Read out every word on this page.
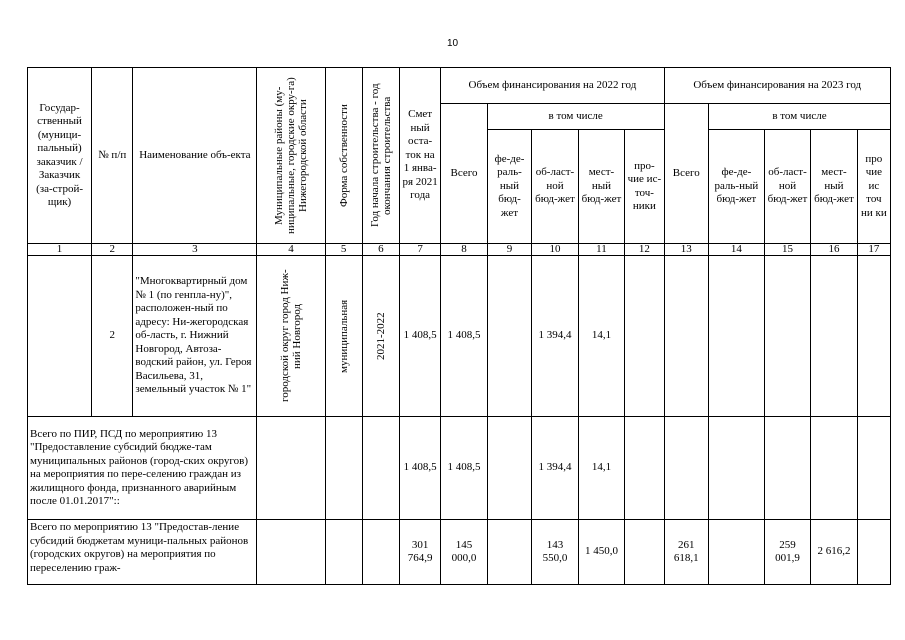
10
Государ-ственный (муници-пальный) заказчик / Заказчик (за-строй-щик)	№ п/п	Наименование объ-екта	Муниципальные районы (му-ниципальные, городские окру-га) Нижегородской области	Форма собственности	Год начала строительства - год окончания строительства	Смет ный оста-ток на 1 янва-ря 2021 года	Объем финансирования на 2022 год					Объем финансирования на 2023 год				
							Всего	в том числе				Всего	в том числе			
								фе-де-раль-ный бюд-жет	об-ласт-ной бюд-жет	мест-ный бюд-жет	про-чие ис-точ-ники		фе-де-раль-ный бюд-жет	об-ласт-ной бюд-жет	мест-ный бюд-жет	про чие ис точ ни ки
1	2	3	4	5	6	7	8	9	10	11	12	13	14	15	16	17
	2	"Многоквартирный дом № 1 (по генпла-ну)", расположен-ный по адресу: Ни-жегородская об-ласть, г. Нижний Новгород, Автоза-водский район, ул. Героя Васильева, 31, земельный участок № 1"	городской округ город Ниж-ний Новгород	муниципальная	2021-2022	1 408,5	1 408,5		1 394,4	14,1						
Всего по ПИР, ПСД по мероприятию 13 "Предоставление субсидий бюдже-там муниципальных районов (город-ских округов) на мероприятия по пере-селению граждан из жилищного фонда, признанного аварийным после 01.01.2017"::						1 408,5	1 408,5		1 394,4	14,1						
Всего по мероприятию 13 "Предостав-ление субсидий бюджетам муници-пальных районов (городских округов) на мероприятия по переселению граж-						301 764,9	145 000,0		143 550,0	1 450,0		261 618,1		259 001,9	2 616,2	
